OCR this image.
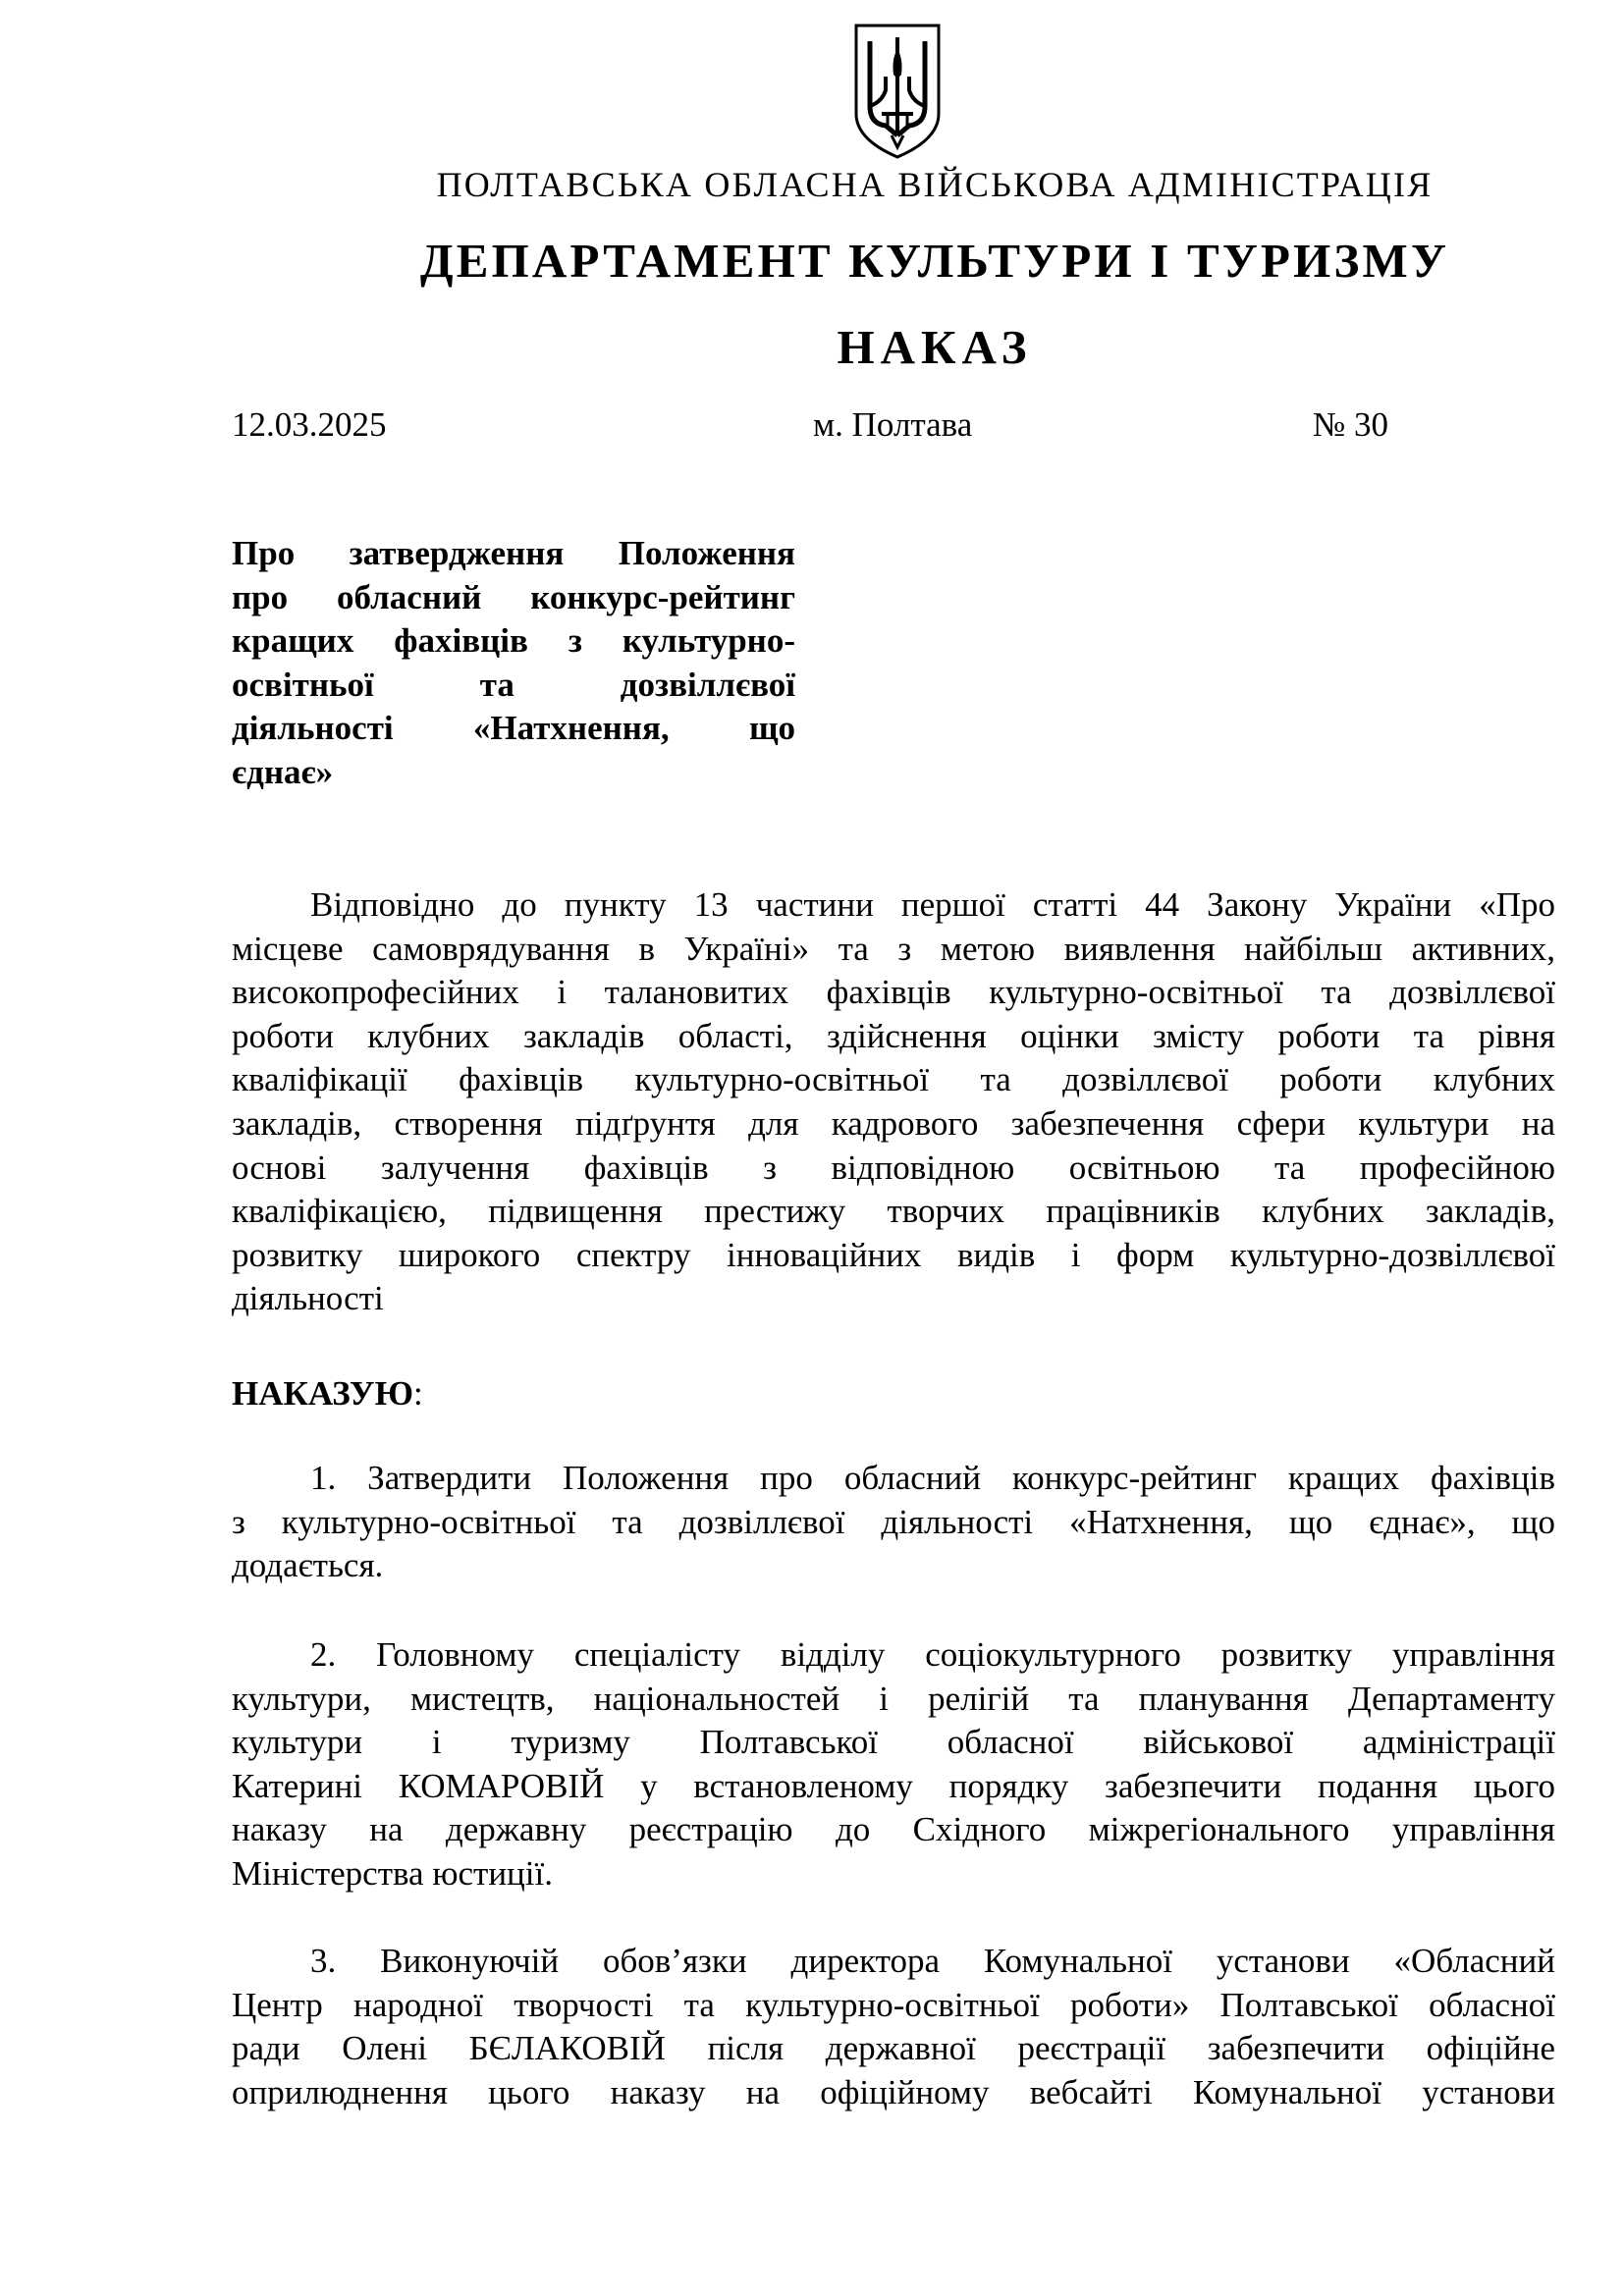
ПОЛТАВСЬКА ОБЛАСНА ВІЙСЬКОВА АДМІНІСТРАЦІЯ
ДЕПАРТАМЕНТ КУЛЬТУРИ І ТУРИЗМУ
НАКАЗ
12.03.2025	м. Полтава	№ 30
Про затвердження Положення
про обласний конкурс-рейтинг
кращих фахівців з культурно-
освітньої та дозвіллєвої
діяльності «Натхнення, що
єднає»
Відповідно до пункту 13 частини першої статті 44 Закону України «Про
місцеве самоврядування в Україні» та з метою виявлення найбільш активних,
високопрофесійних і талановитих фахівців культурно-освітньої та дозвіллєвої
роботи клубних закладів області, здійснення оцінки змісту роботи та рівня
кваліфікації фахівців культурно-освітньої та дозвіллєвої роботи клубних
закладів, створення підґрунтя для кадрового забезпечення сфери культури на
основі залучення фахівців з відповідною освітньою та професійною
кваліфікацією, підвищення престижу творчих працівників клубних закладів,
розвитку широкого спектру інноваційних видів і форм культурно-дозвіллєвої
діяльності
НАКАЗУЮ:
1. Затвердити Положення про обласний конкурс-рейтинг кращих фахівців
з культурно-освітньої та дозвіллєвої діяльності «Натхнення, що єднає», що
додається.
2. Головному спеціалісту відділу соціокультурного розвитку управління
культури, мистецтв, національностей і релігій та планування Департаменту
культури і туризму Полтавської обласної військової адміністрації
Катерині КОМАРОВІЙ у встановленому порядку забезпечити подання цього
наказу на державну реєстрацію до Східного міжрегіонального управління
Міністерства юстиції.
3. Виконуючій обов’язки директора Комунальної установи «Обласний
Центр народної творчості та культурно-освітньої роботи» Полтавської обласної
ради Олені БЄЛАКОВІЙ після державної реєстрації забезпечити офіційне
оприлюднення цього наказу на офіційному вебсайті Комунальної установи
